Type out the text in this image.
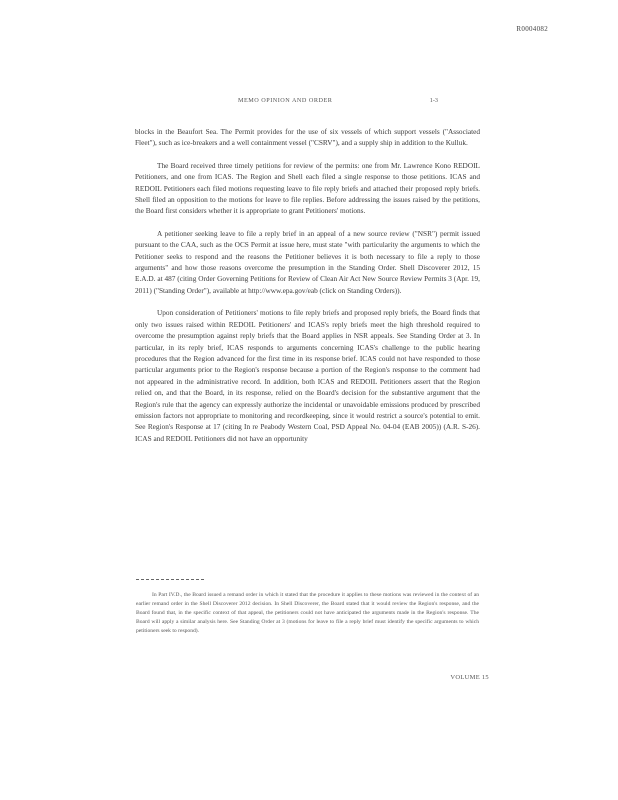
R0004082
MEMO OPINION AND ORDER	1-3

blocks in the Beaufort Sea. The Permit provides for the use of six vessels of which support vessels ("Associated Fleet"), such as ice-breakers and a well containment vessel ("CSRV"), and a supply ship in addition to the Kulluk.

The Board received three timely petitions for review of the permits: one from Mr. Lawrence Kono REDOIL Petitioners, and one from ICAS. The Region and Shell each filed a single response to those petitions. ICAS and REDOIL Petitioners each filed motions requesting leave to file reply briefs and attached their proposed reply briefs. Shell filed an opposition to the motions for leave to file replies. Before addressing the issues raised by the petitions, the Board first considers whether it is appropriate to grant Petitioners' motions.

A petitioner seeking leave to file a reply brief in an appeal of a new source review ("NSR") permit issued pursuant to the CAA, such as the OCS Permit at issue here, must state "with particularity the arguments to which the Petitioner seeks to respond and the reasons the Petitioner believes it is both necessary to file a reply to those arguments" and how those reasons overcome the presumption in the Standing Order. Shell Discoverer 2012, 15 E.A.D. at 487 (citing Order Governing Petitions for Review of Clean Air Act New Source Review Permits 3 (Apr. 19, 2011) ("Standing Order"), available at http://www.epa.gov/eab (click on Standing Orders)).

Upon consideration of Petitioners' motions to file reply briefs and proposed reply briefs, the Board finds that only two issues raised within REDOIL Petitioners' and ICAS's reply briefs meet the high threshold required to overcome the presumption against reply briefs that the Board applies in NSR appeals. See Standing Order at 3. In particular, in its reply brief, ICAS responds to arguments concerning ICAS's challenge to the public hearing procedures that the Region advanced for the first time in its response brief. ICAS could not have responded to those particular arguments prior to the Region's response because a portion of the Region's response to the comment had not appeared in the administrative record. In addition, both ICAS and REDOIL Petitioners assert that the Region relied on, and that the Board, in its response, relied on the Board's decision for the substantive argument that the Region's rule that the agency can expressly authorize the incidental or unavoidable emissions produced by prescribed emission factors not appropriate to monitoring and recordkeeping, since it would restrict a source's potential to emit. See Region's Response at 17 (citing In re Peabody Western Coal, PSD Appeal No. 04-04 (EAB 2005)) (A.R. S-26). ICAS and REDOIL Petitioners did not have an opportunity

In Part IV.D., the Board issued a remand order in which it stated that the procedure it applies to these motions was reviewed in the context of an earlier remand order in the Shell Discoverer 2012 decision. In Shell Discoverer, the Board stated that it would review the Region's response, and the Board found that, in the specific context of that appeal, the petitioners could not have anticipated the arguments made in the Region's response. The Board will apply a similar analysis here. See Standing Order at 3 (motions for leave to file a reply brief must identify the specific arguments to which petitioners seek to respond).

VOLUME 15
